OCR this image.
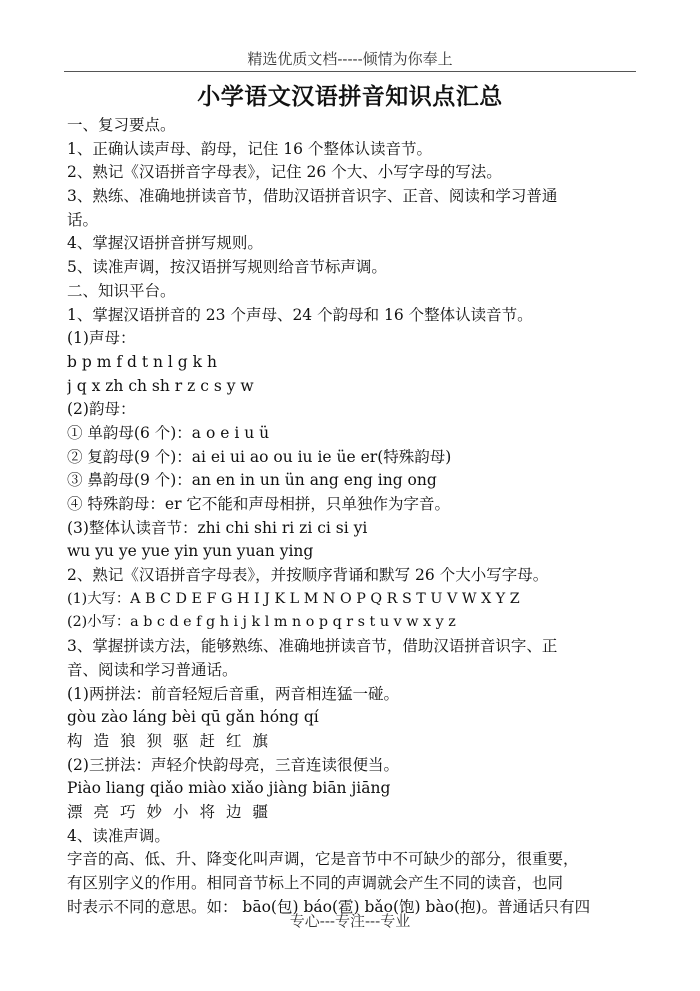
精选优质文档-----倾情为你奉上
小学语文汉语拼音知识点汇总
一、复习要点。
1、正确认读声母、韵母，记住 16 个整体认读音节。
2、熟记《汉语拼音字母表》，记住 26 个大、小写字母的写法。
3、熟练、准确地拼读音节，借助汉语拼音识字、正音、阅读和学习普通
话。
4、掌握汉语拼音拼写规则。
5、读准声调，按汉语拼写规则给音节标声调。
二、知识平台。
1、掌握汉语拼音的 23 个声母、24 个韵母和 16 个整体认读音节。
(1)声母：
b p m f d t n l g k h
j q x zh ch sh r z c s y w
(2)韵母：
① 单韵母(6 个)：a o e i u ü
② 复韵母(9 个)：ai ei ui ao ou iu ie üe er(特殊韵母)
③ 鼻韵母(9 个)：an en in un ün ang eng ing ong
④ 特殊韵母：er 它不能和声母相拼，只单独作为字音。
(3)整体认读音节：zhi chi shi ri zi ci si yi
wu yu ye yue yin yun yuan ying
2、熟记《汉语拼音字母表》，并按顺序背诵和默写 26 个大小写字母。
(1)大写：A B C D E F G H I J K L M N O P Q R S T U V W X Y Z
(2)小写：a b c d e f g h i j k l m n o p q r s t u v w x y z
3、掌握拼读方法，能够熟练、准确地拼读音节，借助汉语拼音识字、正
音、阅读和学习普通话。
(1)两拼法：前音轻短后音重，两音相连猛一碰。
gòu zào láng bèi qū gǎn hóng qí
构造狼狈驱赶红旗
(2)三拼法：声轻介快韵母亮，三音连读很便当。
Piào liang qiǎo miào xiǎo jiàng biān jiāng
漂亮巧妙小将边疆
4、读准声调。
字音的高、低、升、降变化叫声调，它是音节中不可缺少的部分，很重要，
有区别字义的作用。相同音节标上不同的声调就会产生不同的读音，也同
时表示不同的意思。如： bāo(包) báo(雹) bǎo(饱) bào(抱)。普通话只有四
专心---专注---专业
